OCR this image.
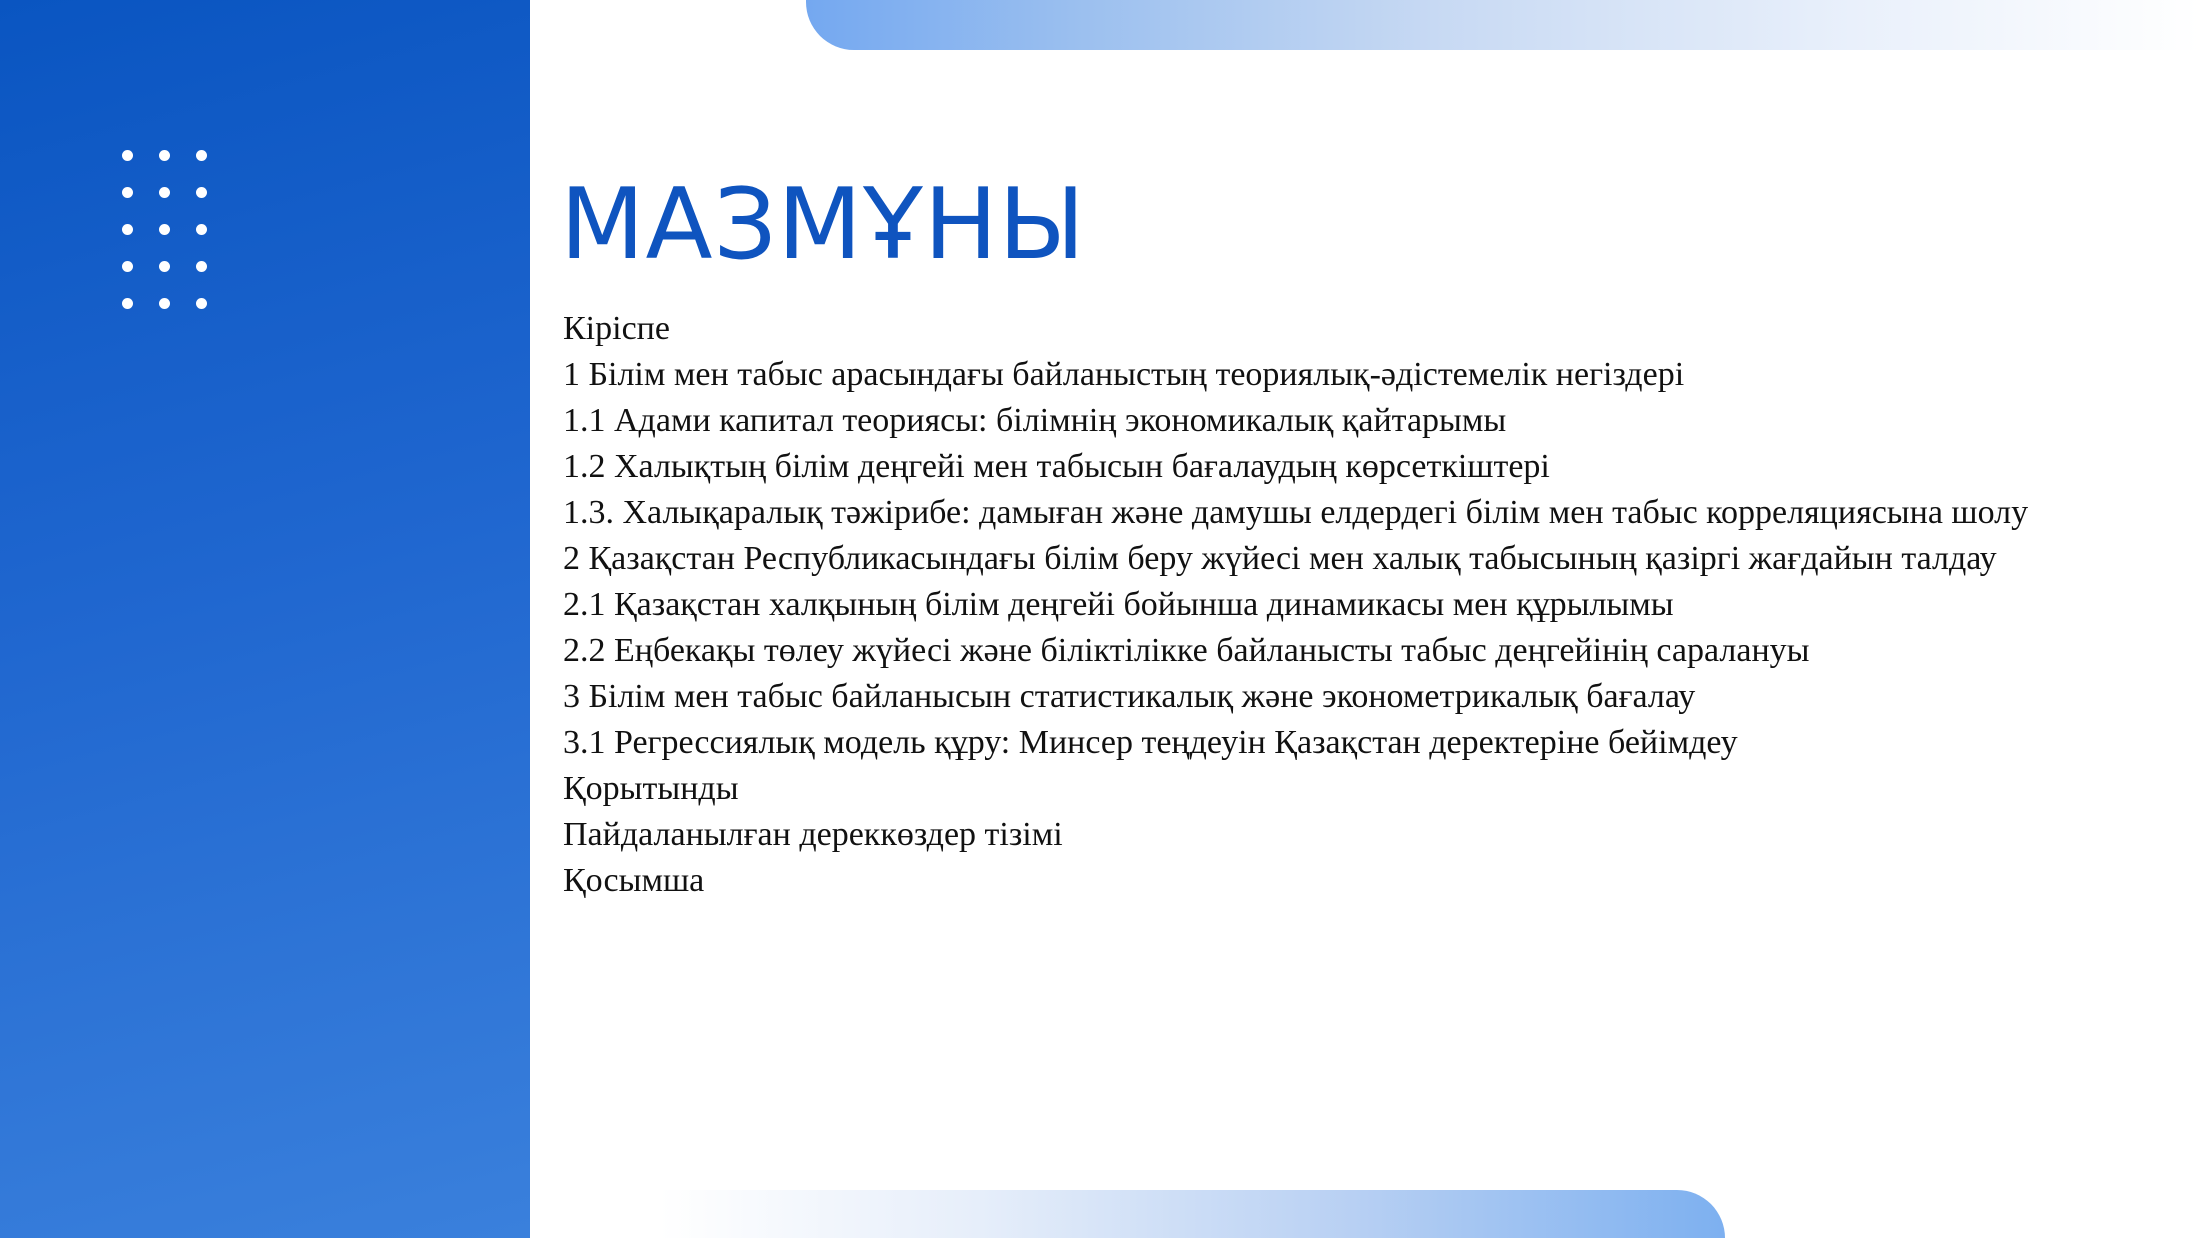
МАЗМҰНЫ
Кіріспе
1 Білім мен табыс арасындағы байланыстың теориялық-әдістемелік негіздері
1.1 Адами капитал теориясы: білімнің экономикалық қайтарымы
1.2 Халықтың білім деңгейі мен табысын бағалаудың көрсеткіштері
1.3. Халықаралық тәжірибе: дамыған және дамушы елдердегі білім мен табыс корреляциясына шолу
2 Қазақстан Республикасындағы білім беру жүйесі мен халық табысының қазіргі жағдайын талдау
2.1 Қазақстан халқының білім деңгейі бойынша динамикасы мен құрылымы
2.2 Еңбекақы төлеу жүйесі және біліктілікке байланысты табыс деңгейінің саралануы
3 Білім мен табыс байланысын статистикалық және эконометрикалық бағалау
3.1 Регрессиялық модель құру: Минсер теңдеуін Қазақстан деректеріне бейімдеу
Қорытынды
Пайдаланылған дереккөздер тізімі
Қосымша
